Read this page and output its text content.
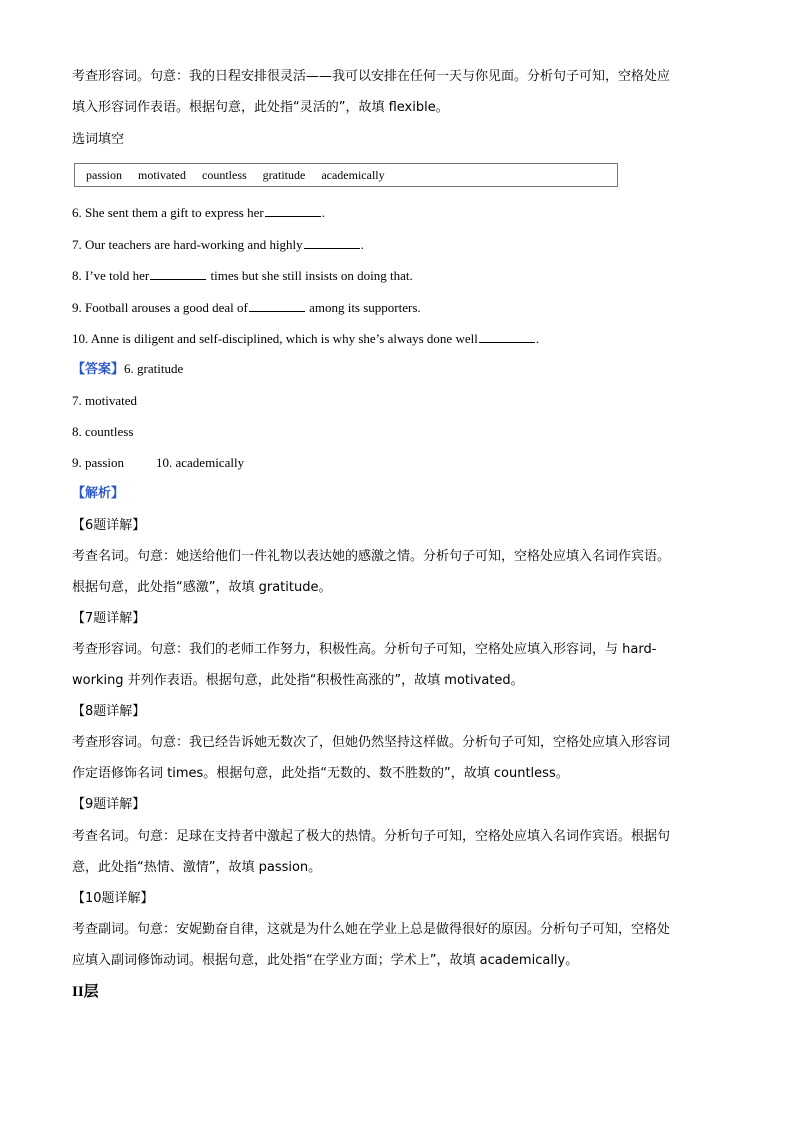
考查形容词。句意：我的日程安排很灵活——我可以安排在任何一天与你见面。分析句子可知，空格处应
填入形容词作表语。根据句意，此处指“灵活的”，故填 flexible。
选词填空
passion motivated countless gratitude academically
6. She sent them a gift to express her	.
7. Our teachers are hard-working and highly	.
8. I’ve told her	times but she still insists on doing that.
9. Football arouses a good deal of	among its supporters.
10. Anne is diligent and self-disciplined, which is why she’s always done well	.
【答案】6. gratitude
7. motivated
8. countless
9. passion 10. academically
【解析】
【6题详解】
考查名词。句意：她送给他们一件礼物以表达她的感激之情。分析句子可知，空格处应填入名词作宾语。
根据句意，此处指“感激”，故填 gratitude。
【7题详解】
考查形容词。句意：我们的老师工作努力，积极性高。分析句子可知，空格处应填入形容词，与 hard-
working 并列作表语。根据句意，此处指“积极性高涨的”，故填 motivated。
【8题详解】
考查形容词。句意：我已经告诉她无数次了，但她仍然坚持这样做。分析句子可知，空格处应填入形容词
作定语修饰名词 times。根据句意，此处指“无数的、数不胜数的”，故填 countless。
【9题详解】
考查名词。句意：足球在支持者中激起了极大的热情。分析句子可知，空格处应填入名词作宾语。根据句
意，此处指“热情、激情”，故填 passion。
【10题详解】
考查副词。句意：安妮勤奋自律，这就是为什么她在学业上总是做得很好的原因。分析句子可知，空格处
应填入副词修饰动词。根据句意，此处指“在学业方面；学术上”，故填 academically。
II层
